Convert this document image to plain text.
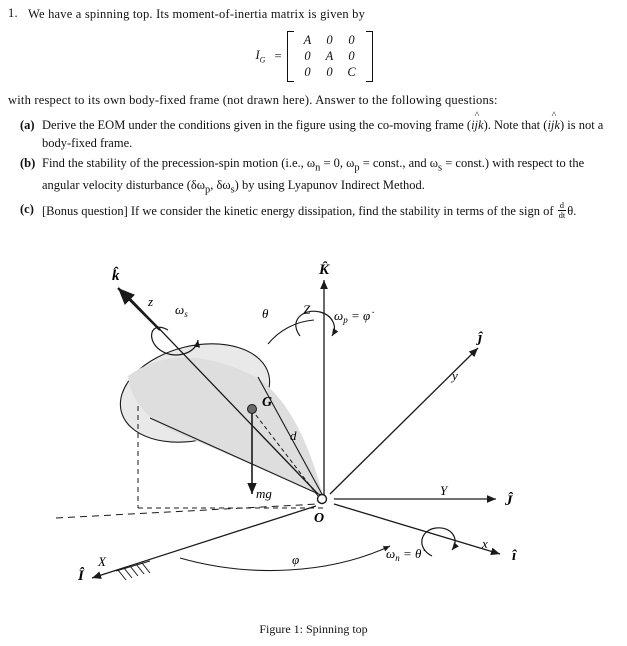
1. We have a spinning top. Its moment-of-inertia matrix is given by
$I_G$ =
A	0	0
0	A	0
0	0	C
with respect to its own body-fixed frame (not drawn here). Answer to the following questions:
(a) Derive the EOM under the conditions given in the figure using the co-moving frame (^ ijk). Note that (^ ijk) is not a body-fixed frame.
(b) Find the stability of the precession-spin motion (i.e., $\omega_n = 0$, $\omega_p$ = const., and $\omega_s$ = const.) with respect to the angular velocity disturbance ($\delta\omega_p$, $\delta\omega_s$) by using Lyapunov Indirect Method.
(c) [Bonus question] If we consider the kinetic energy dissipation, find the stability in terms of the sign of $\frac{d}{dt} \theta$.
k̂
z
$\omega_s$
K̂
Z
θ	$\omega_p$ = φ̇
ĵ
y
Y
Ĵ
x
î
$\omega_n$ = θ̇
X
Î
φ
G
d
mg
O
Figure 1: Spinning top
